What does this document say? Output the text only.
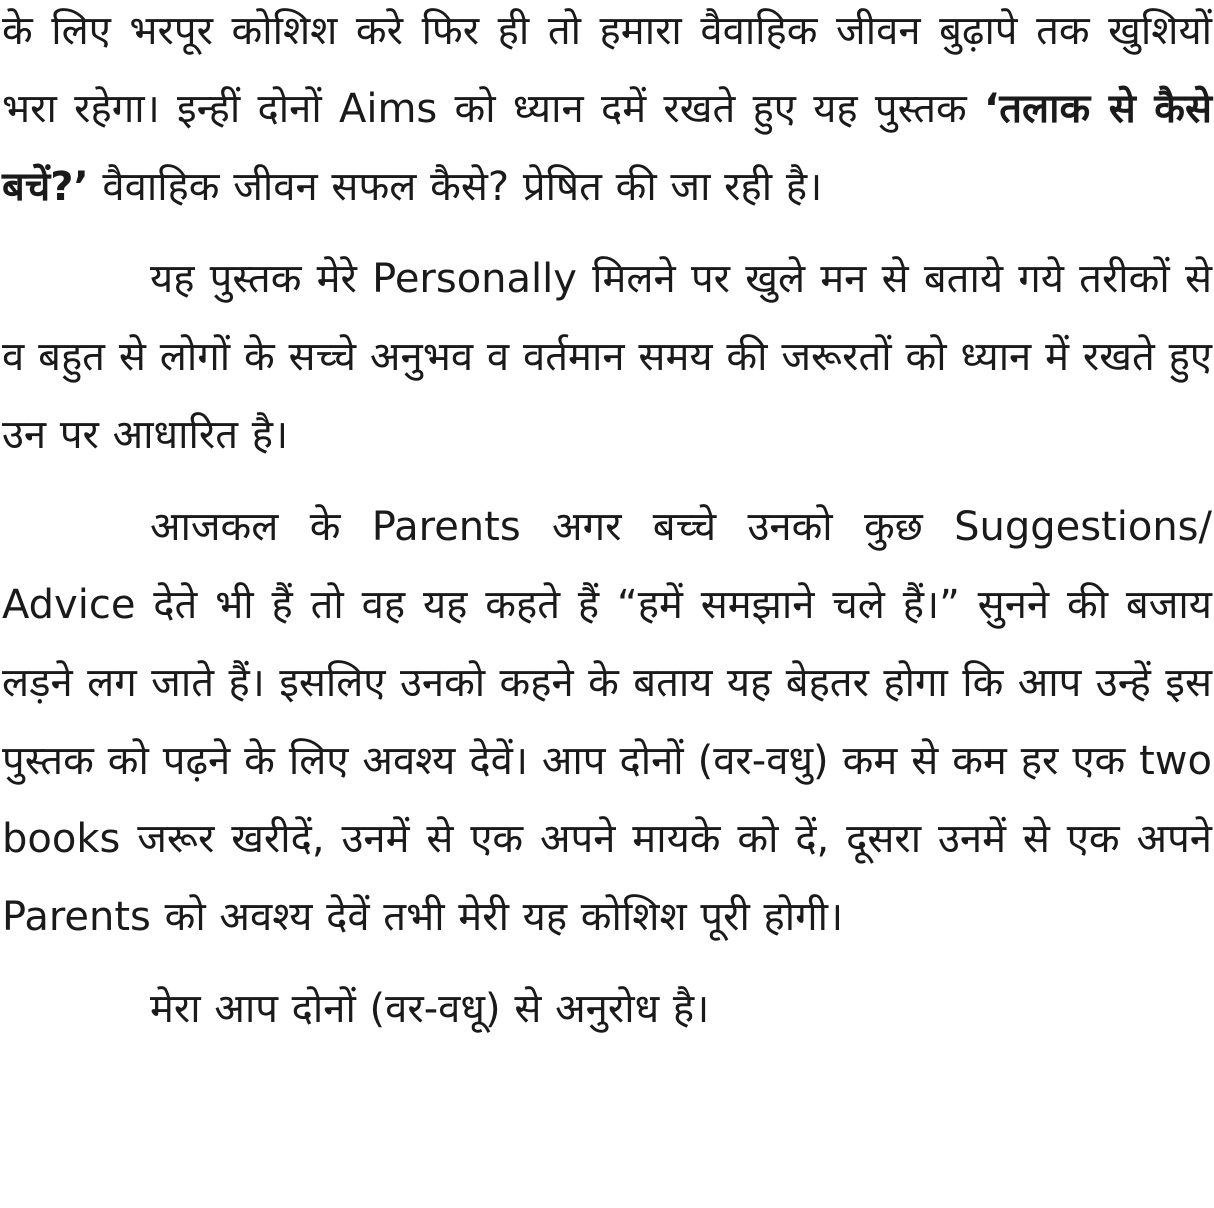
के लिए भरपूर कोशिश करे फिर ही तो हमारा वैवाहिक जीवन बुढ़ापे तक खुशियों भरा रहेगा। इन्हीं दोनों Aims को ध्यान दमें रखते हुए यह पुस्तक ‘तलाक से कैसे बचें?’ वैवाहिक जीवन सफल कैसे? प्रेषित की जा रही है।

यह पुस्तक मेरे Personally मिलने पर खुले मन से बताये गये तरीकों से व बहुत से लोगों के सच्चे अनुभव व वर्तमान समय की जरूरतों को ध्यान में रखते हुए उन पर आधारित है।

आजकल के Parents अगर बच्चे उनको कुछ Suggestions/ Advice देते भी हैं तो वह यह कहते हैं “हमें समझाने चले हैं।” सुनने की बजाय लड़ने लग जाते हैं। इसलिए उनको कहने के बताय यह बेहतर होगा कि आप उन्हें इस पुस्तक को पढ़ने के लिए अवश्य देवें। आप दोनों (वर-वधु) कम से कम हर एक two books जरूर खरीदें, उनमें से एक अपने मायके को दें, दूसरा उनमें से एक अपने Parents को अवश्य देवें तभी मेरी यह कोशिश पूरी होगी।

मेरा आप दोनों (वर-वधू) से अनुरोध है।
